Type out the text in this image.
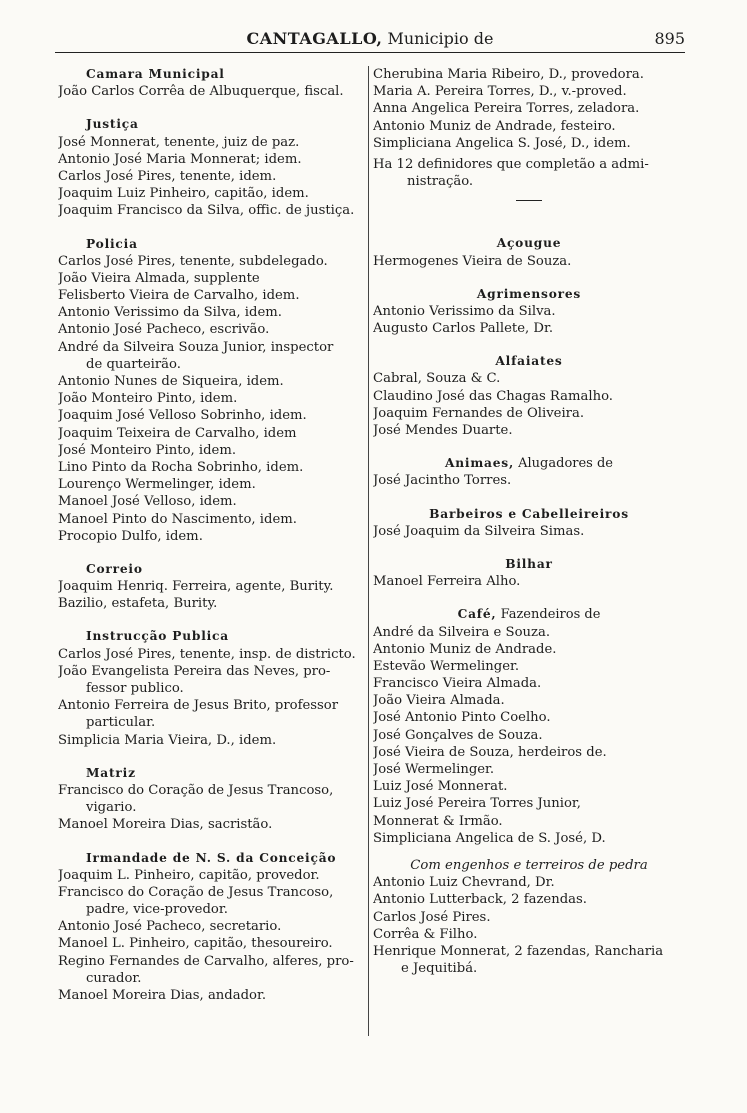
CANTAGALLO, Municipio de	895
Camara Municipal
João Carlos Corrêa de Albuquerque, fiscal.
Justiça
José Monnerat, tenente, juiz de paz.
Antonio José Maria Monnerat; idem.
Carlos José Pires, tenente, idem.
Joaquim Luiz Pinheiro, capitão, idem.
Joaquim Francisco da Silva, offic. de justiça.
Policia
Carlos José Pires, tenente, subdelegado.
João Vieira Almada, supplente
Felisberto Vieira de Carvalho, idem.
Antonio Verissimo da Silva, idem.
Antonio José Pacheco, escrivão.
André da Silveira Souza Junior, inspector
de quarteirão.
Antonio Nunes de Siqueira, idem.
João Monteiro Pinto, idem.
Joaquim José Velloso Sobrinho, idem.
Joaquim Teixeira de Carvalho, idem
José Monteiro Pinto, idem.
Lino Pinto da Rocha Sobrinho, idem.
Lourenço Wermelinger, idem.
Manoel José Velloso, idem.
Manoel Pinto do Nascimento, idem.
Procopio Dulfo, idem.
Correio
Joaquim Henriq. Ferreira, agente, Burity.
Bazilio, estafeta, Burity.
Instrucção Publica
Carlos José Pires, tenente, insp. de districto.
João Evangelista Pereira das Neves, pro-
fessor publico.
Antonio Ferreira de Jesus Brito, professor
particular.
Simplicia Maria Vieira, D., idem.
Matriz
Francisco do Coração de Jesus Trancoso,
vigario.
Manoel Moreira Dias, sacristão.
Irmandade de N. S. da Conceição
Joaquim L. Pinheiro, capitão, provedor.
Francisco do Coração de Jesus Trancoso,
padre, vice-provedor.
Antonio José Pacheco, secretario.
Manoel L. Pinheiro, capitão, thesoureiro.
Regino Fernandes de Carvalho, alferes, pro-
curador.
Manoel Moreira Dias, andador.
Cherubina Maria Ribeiro, D., provedora.
Maria A. Pereira Torres, D., v.-proved.
Anna Angelica Pereira Torres, zeladora.
Antonio Muniz de Andrade, festeiro.
Simpliciana Angelica S. José, D., idem.
Ha 12 definidores que completão a admi-
nistração.
Açougue
Hermogenes Vieira de Souza.
Agrimensores
Antonio Verissimo da Silva.
Augusto Carlos Pallete, Dr.
Alfaiates
Cabral, Souza & C.
Claudino José das Chagas Ramalho.
Joaquim Fernandes de Oliveira.
José Mendes Duarte.
Animaes, Alugadores de
José Jacintho Torres.
Barbeiros e Cabelleireiros
José Joaquim da Silveira Simas.
Bilhar
Manoel Ferreira Alho.
Café, Fazendeiros de
André da Silveira e Souza.
Antonio Muniz de Andrade.
Estevão Wermelinger.
Francisco Vieira Almada.
João Vieira Almada.
José Antonio Pinto Coelho.
José Gonçalves de Souza.
José Vieira de Souza, herdeiros de.
José Wermelinger.
Luiz José Monnerat.
Luiz José Pereira Torres Junior,
Monnerat & Irmão.
Simpliciana Angelica de S. José, D.
Com engenhos e terreiros de pedra
Antonio Luiz Chevrand, Dr.
Antonio Lutterback, 2 fazendas.
Carlos José Pires.
Corrêa & Filho.
Henrique Monnerat, 2 fazendas, Rancharia
e Jequitibá.
